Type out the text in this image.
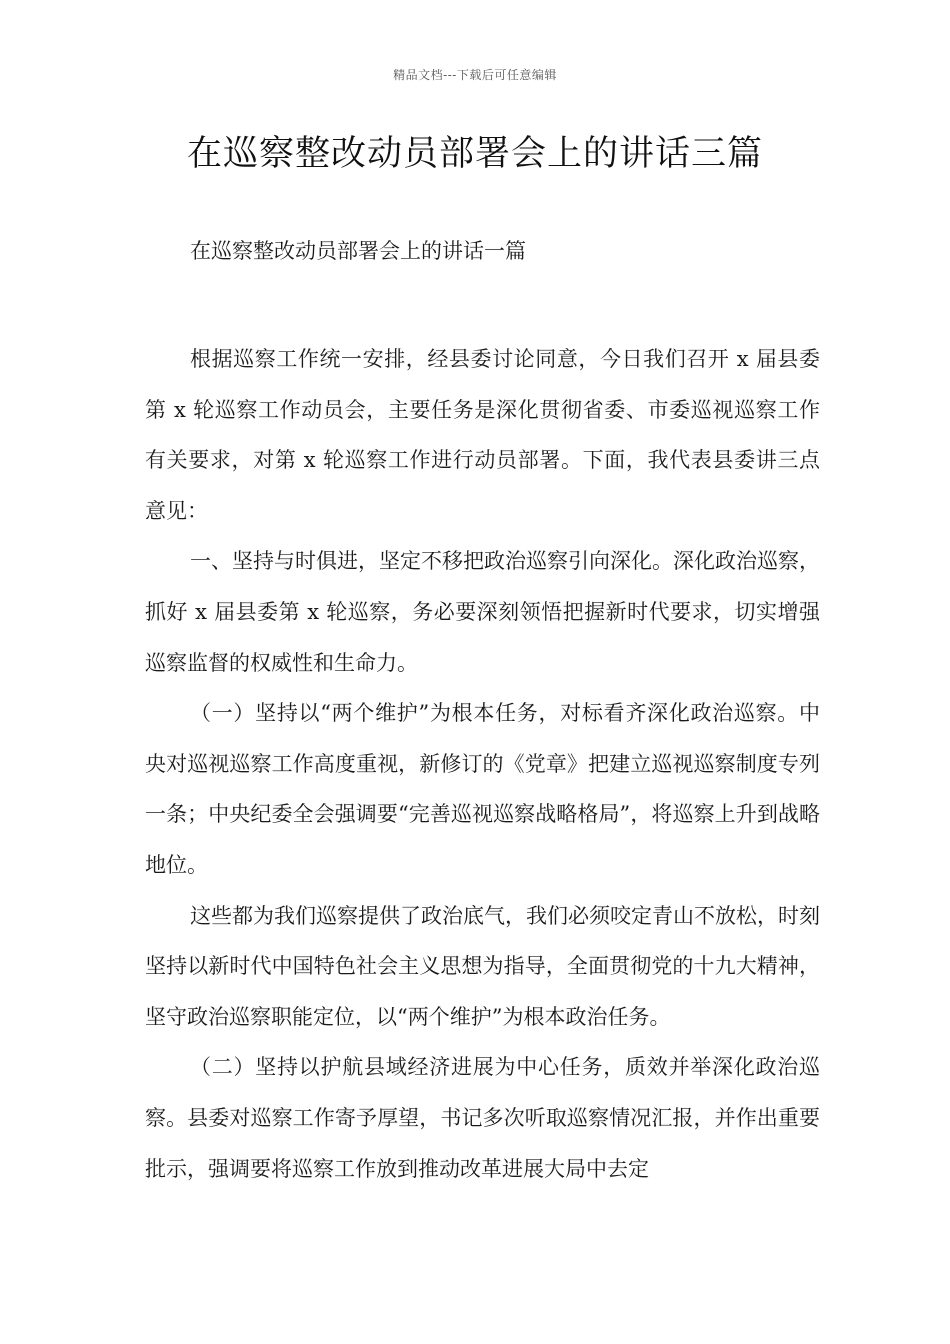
精品文档---下载后可任意编辑
在巡察整改动员部署会上的讲话三篇

在巡察整改动员部署会上的讲话一篇

根据巡察工作统一安排，经县委讨论同意，今日我们召开 x 届县委第 x 轮巡察工作动员会，主要任务是深化贯彻省委、市委巡视巡察工作有关要求，对第 x 轮巡察工作进行动员部署。下面，我代表县委讲三点意见：

一、坚持与时俱进，坚定不移把政治巡察引向深化。深化政治巡察，抓好 x 届县委第 x 轮巡察，务必要深刻领悟把握新时代要求，切实增强巡察监督的权威性和生命力。

（一）坚持以“两个维护”为根本任务，对标看齐深化政治巡察。中央对巡视巡察工作高度重视，新修订的《党章》把建立巡视巡察制度专列一条；中央纪委全会强调要“完善巡视巡察战略格局”，将巡察上升到战略地位。

这些都为我们巡察提供了政治底气，我们必须咬定青山不放松，时刻坚持以新时代中国特色社会主义思想为指导，全面贯彻党的十九大精神，坚守政治巡察职能定位，以“两个维护”为根本政治任务。

（二）坚持以护航县域经济进展为中心任务，质效并举深化政治巡察。县委对巡察工作寄予厚望，书记多次听取巡察情况汇报，并作出重要批示，强调要将巡察工作放到推动改革进展大局中去定
